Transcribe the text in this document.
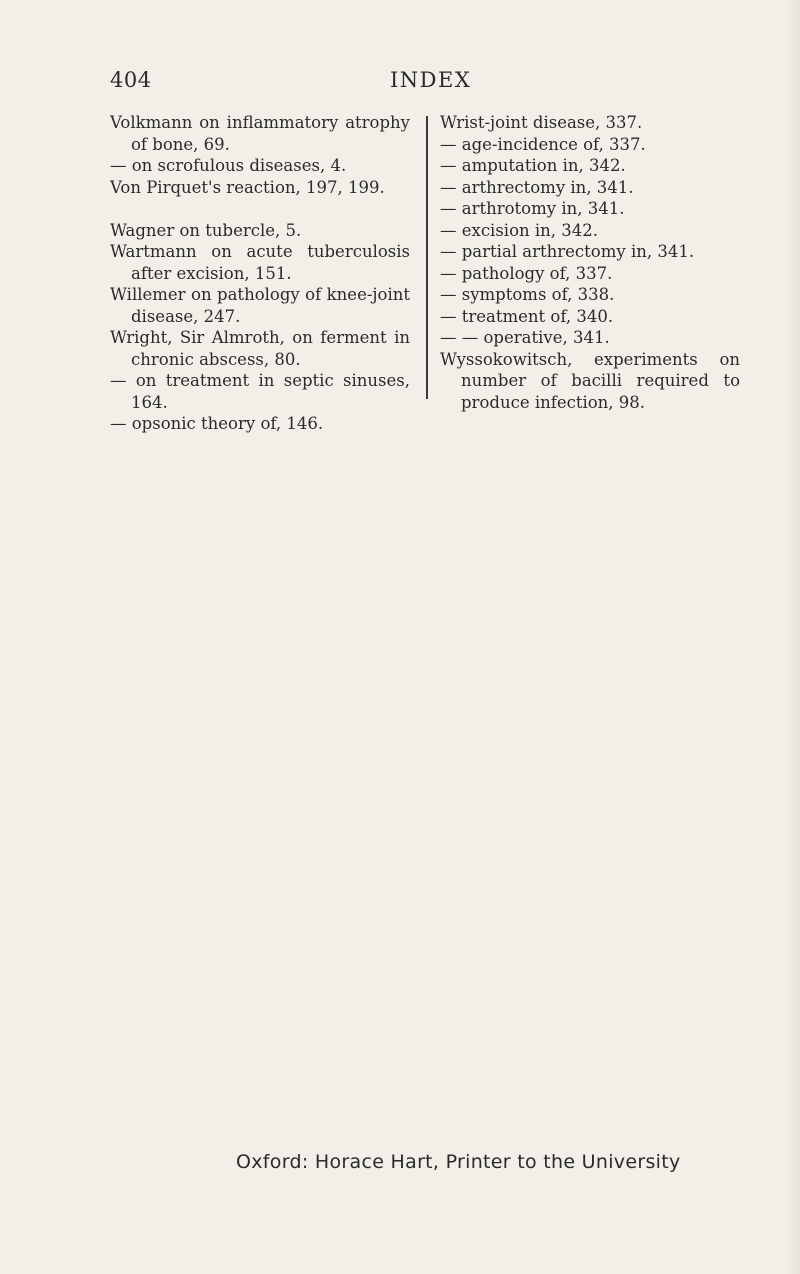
404	INDEX

Volkmann on inflammatory atrophy of bone, 69.

— on scrofulous diseases, 4.

Von Pirquet's reaction, 197, 199.

Wagner on tubercle, 5.

Wartmann on acute tuberculosis after excision, 151.

Willemer on pathology of knee-joint disease, 247.

Wright, Sir Almroth, on ferment in chronic abscess, 80.

— on treatment in septic sinuses, 164.

— opsonic theory of, 146.

Wrist-joint disease, 337.

— age-incidence of, 337.

— amputation in, 342.

— arthrectomy in, 341.

— arthrotomy in, 341.

— excision in, 342.

— partial arthrectomy in, 341.

— pathology of, 337.

— symptoms of, 338.

— treatment of, 340.

— — operative, 341.

Wyssokowitsch, experiments on number of bacilli required to produce infection, 98.

Oxford: Horace Hart, Printer to the University
